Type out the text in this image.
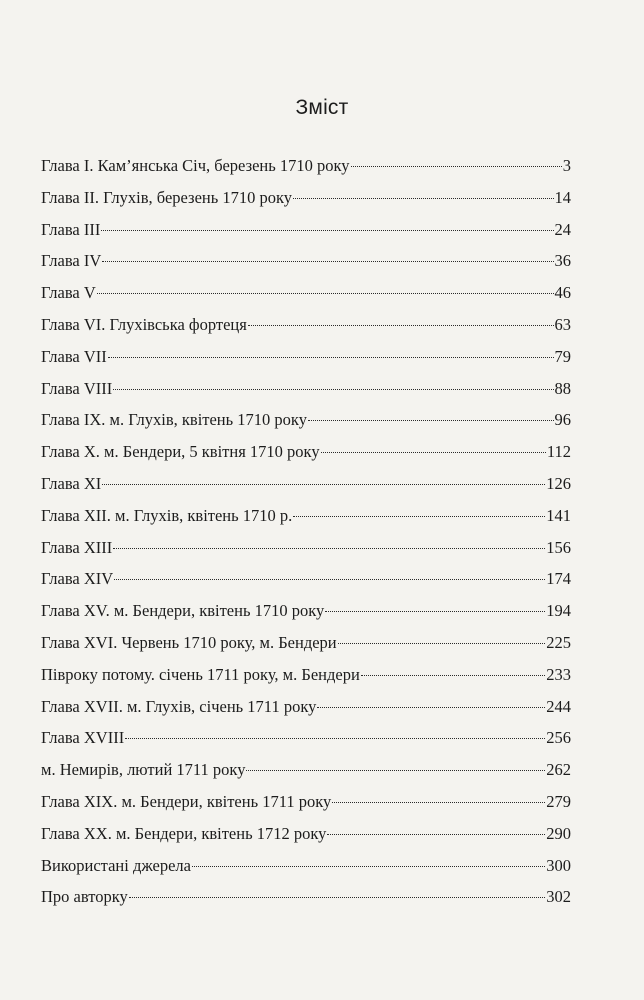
Зміст
Глава І. Кам’янська Січ, березень 1710 року	3
Глава II. Глухів, березень 1710 року	14
Глава III	24
Глава IV	36
Глава V	46
Глава VI. Глухівська фортеця	63
Глава VII	79
Глава VIII	88
Глава IX. м. Глухів, квітень 1710 року	96
Глава X. м. Бендери, 5 квітня 1710 року	112
Глава XI	126
Глава XII. м. Глухів, квітень 1710 р.	141
Глава XIII	156
Глава XIV	174
Глава XV. м. Бендери, квітень 1710 року	194
Глава XVI. Червень 1710 року, м. Бендери	225
Півроку потому. січень 1711 року, м. Бендери	233
Глава XVII. м. Глухів, січень 1711 року	244
Глава XVIII	256
м. Немирів, лютий 1711 року	262
Глава XIX. м. Бендери, квітень 1711 року	279
Глава XX. м. Бендери, квітень 1712 року	290
Використані джерела	300
Про авторку	302
